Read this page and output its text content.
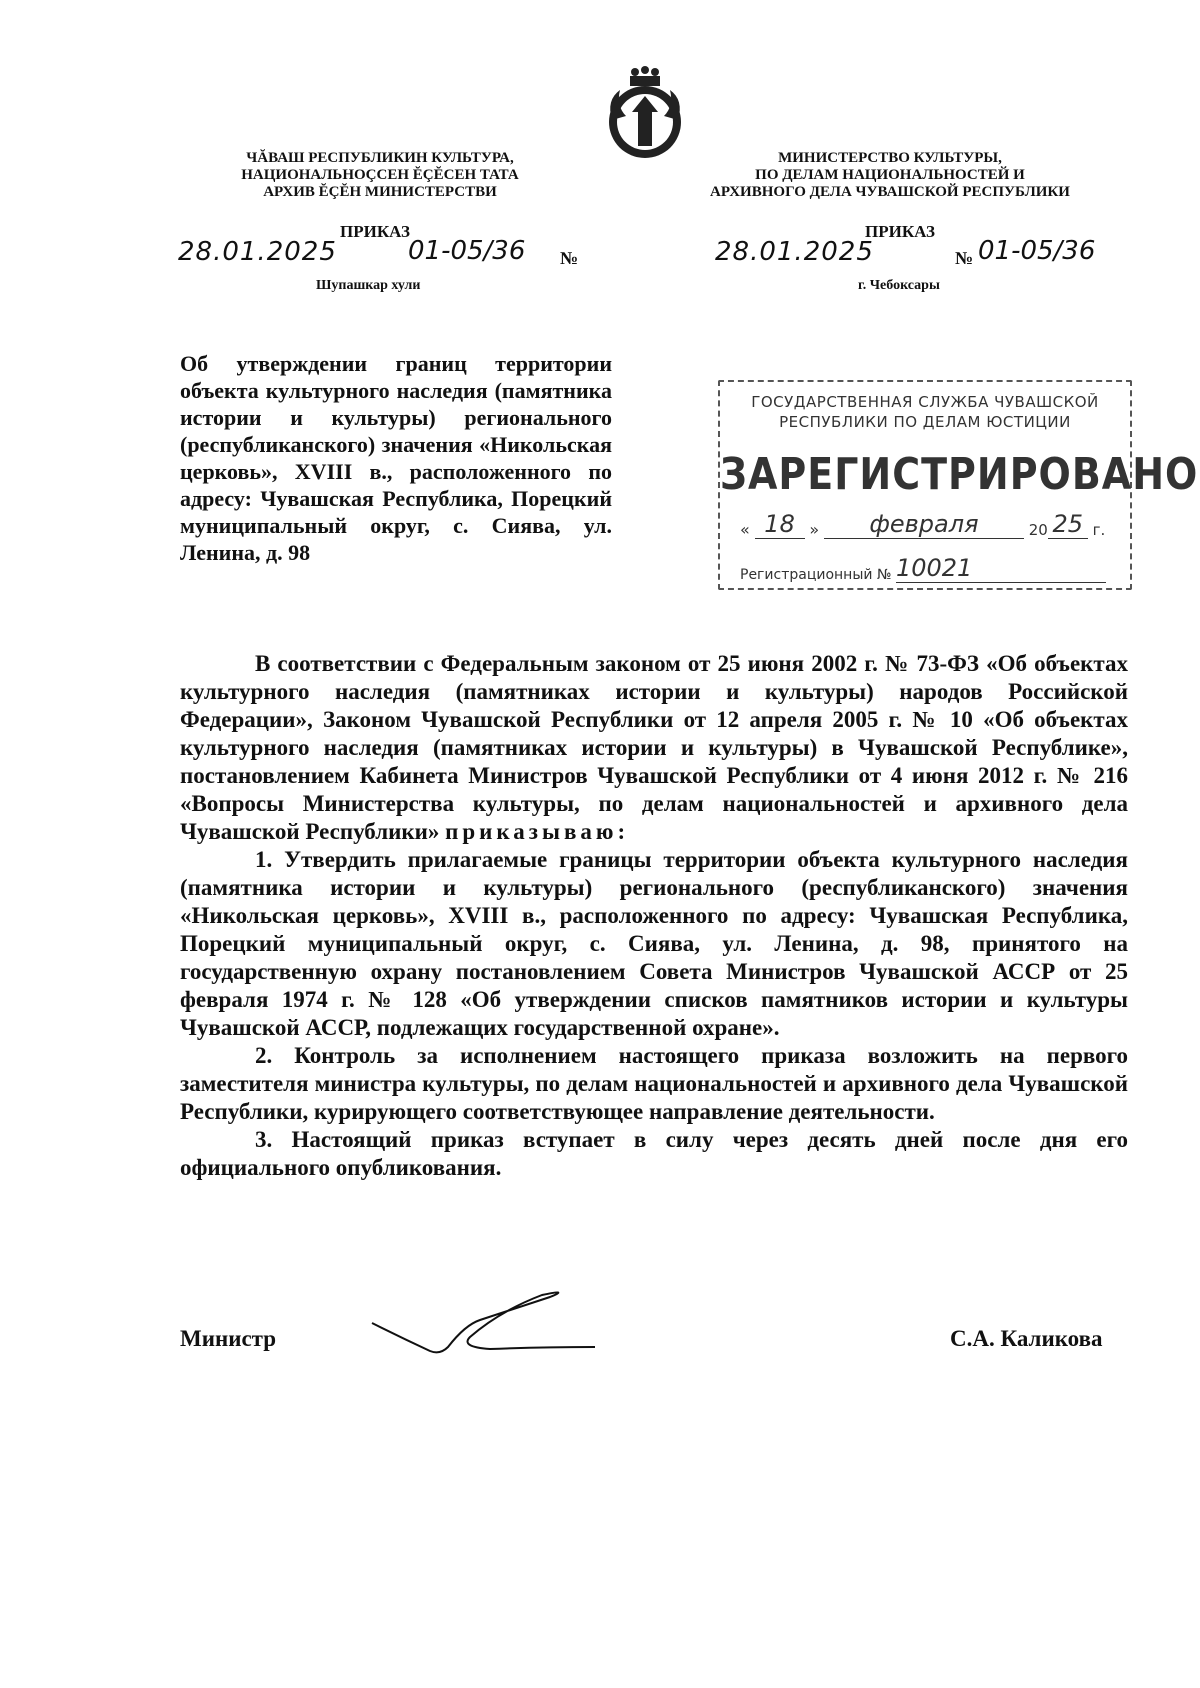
ЧĂВАШ РЕСПУБЛИКИН КУЛЬТУРА,
НАЦИОНАЛЬНОÇСЕН ĔÇĔСЕН ТАТА
АРХИВ ĔÇĔН МИНИСТЕРСТВИ
МИНИСТЕРСТВО КУЛЬТУРЫ,
ПО ДЕЛАМ НАЦИОНАЛЬНОСТЕЙ И
АРХИВНОГО ДЕЛА ЧУВАШСКОЙ РЕСПУБЛИКИ
ПРИКАЗ	ПРИКАЗ
28.01.2025	01-05/36 №	28.01.2025	№ 01-05/36
Шупашкар хули	г. Чебоксары

Об утверждении границ территории объекта культурного наследия (памятника истории и культуры) регионального (республиканского) значения «Никольская церковь», XVIII в., расположенного по адресу: Чувашская Республика, Порецкий муниципальный округ, с. Сиява, ул. Ленина, д. 98

ГОСУДАРСТВЕННАЯ СЛУЖБА ЧУВАШСКОЙ
РЕСПУБЛИКИ ПО ДЕЛАМ ЮСТИЦИИ
ЗАРЕГИСТРИРОВАНО
« 18 » февраля	20 25 г.
Регистрационный № 10021

В соответствии с Федеральным законом от 25 июня 2002 г. № 73-ФЗ «Об объектах культурного наследия (памятниках истории и культуры) народов Российской Федерации», Законом Чувашской Республики от 12 апреля 2005 г. № 10 «Об объектах культурного наследия (памятниках истории и культуры) в Чувашской Республике», постановлением Кабинета Министров Чувашской Республики от 4 июня 2012 г. № 216 «Вопросы Министерства культуры, по делам национальностей и архивного дела Чувашской Республики» приказываю:

1. Утвердить прилагаемые границы территории объекта культурного наследия (памятника истории и культуры) регионального (республиканского) значения «Никольская церковь», XVIII в., расположенного по адресу: Чувашская Республика, Порецкий муниципальный округ, с. Сиява, ул. Ленина, д. 98, принятого на государственную охрану постановлением Совета Министров Чувашской АССР от 25 февраля 1974 г. № 128 «Об утверждении списков памятников истории и культуры Чувашской АССР, подлежащих государственной охране».

2. Контроль за исполнением настоящего приказа возложить на первого заместителя министра культуры, по делам национальностей и архивного дела Чувашской Республики, курирующего соответствующее направление деятельности.

3. Настоящий приказ вступает в силу через десять дней после дня его официального опубликования.

Министр	С.А. Каликова
